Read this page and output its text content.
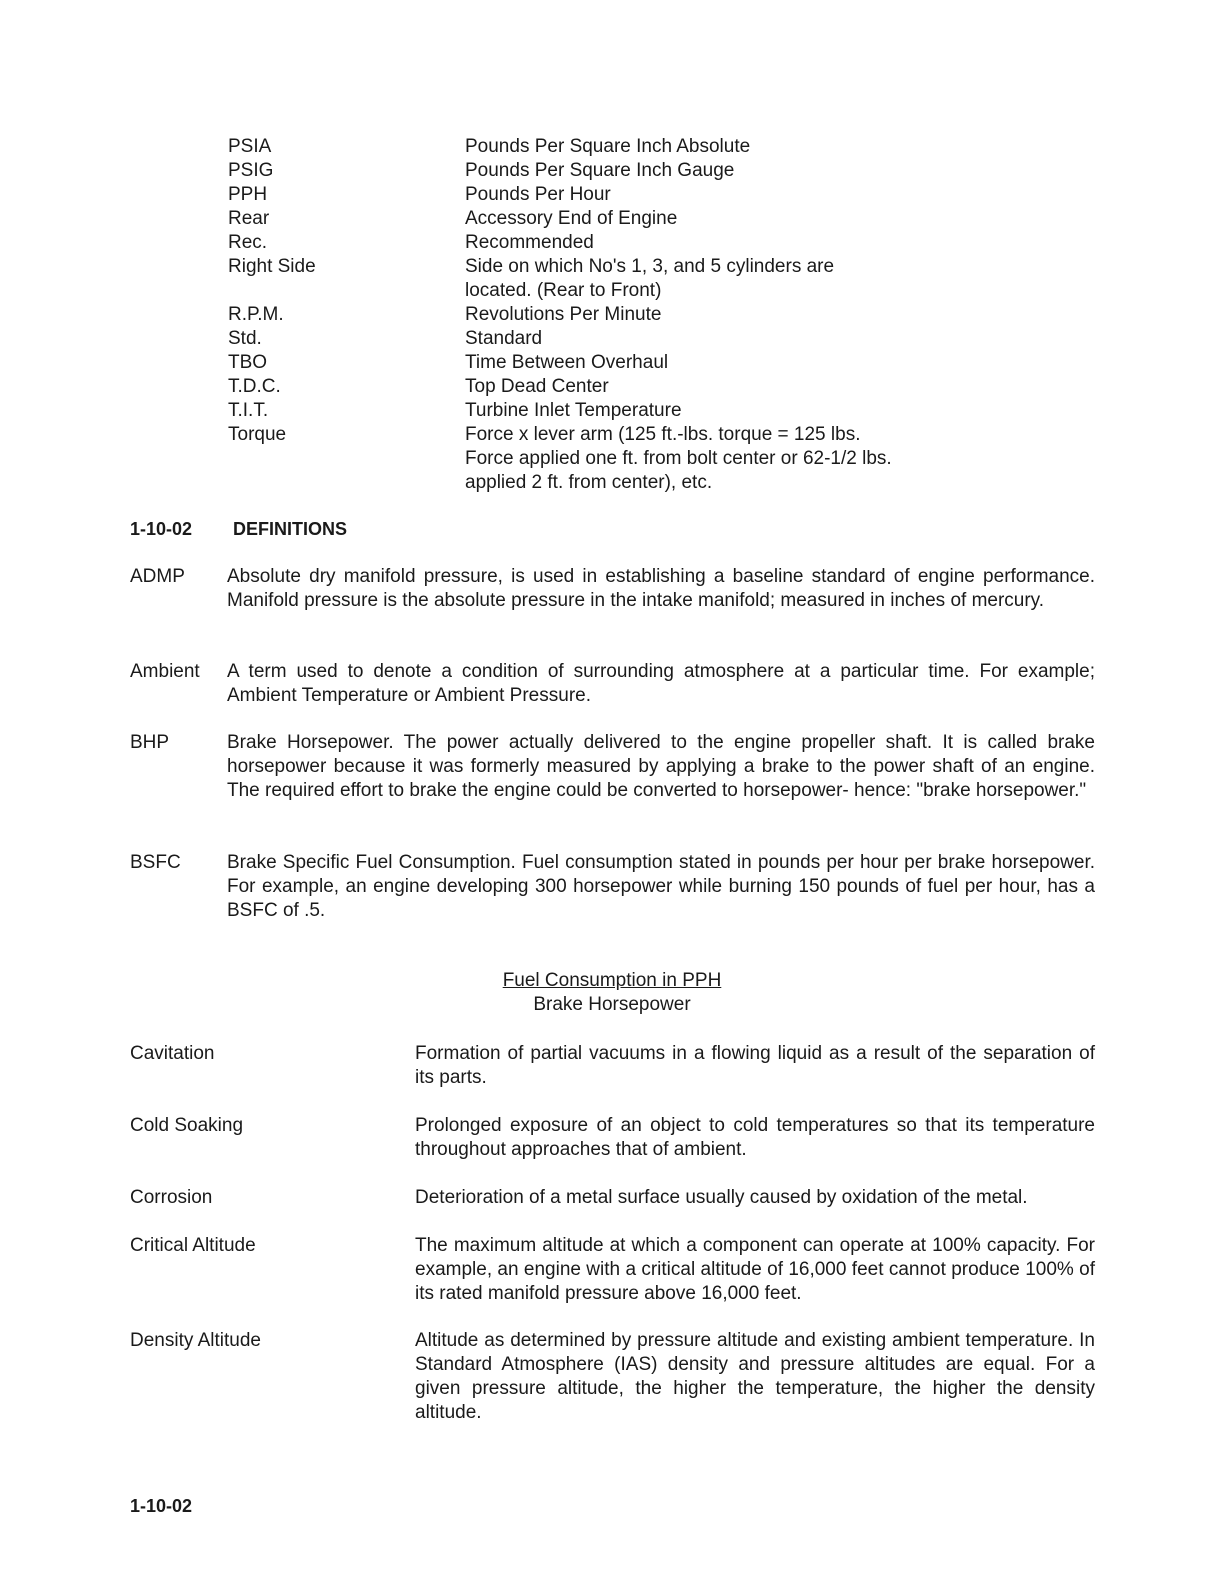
PSIA	Pounds Per Square Inch Absolute
PSIG	Pounds Per Square Inch Gauge
PPH	Pounds Per Hour
Rear	Accessory End of Engine
Rec.	Recommended
Right Side	Side on which No's 1, 3, and 5 cylinders are
located. (Rear to Front)
R.P.M.	Revolutions Per Minute
Std.	Standard
TBO	Time Between Overhaul
T.D.C.	Top Dead Center
T.I.T.	Turbine Inlet Temperature
Torque	Force x lever arm (125 ft.-lbs. torque = 125 lbs.
Force applied one ft. from bolt center or 62-1/2 lbs.
applied 2 ft. from center), etc.
1-10-02 DEFINITIONS
ADMP	Absolute dry manifold pressure, is used in establishing a baseline standard of engine performance. Manifold pressure is the absolute pressure in the intake manifold; measured in inches of mercury.
Ambient	A term used to denote a condition of surrounding atmosphere at a particular time. For example; Ambient Temperature or Ambient Pressure.
BHP	Brake Horsepower. The power actually delivered to the engine propeller shaft. It is called brake horsepower because it was formerly measured by applying a brake to the power shaft of an engine. The required effort to brake the engine could be converted to horsepower- hence: "brake horsepower."
BSFC	Brake Specific Fuel Consumption. Fuel consumption stated in pounds per hour per brake horsepower. For example, an engine developing 300 horsepower while burning 150 pounds of fuel per hour, has a BSFC of .5.
Fuel Consumption in PPH
Brake Horsepower
Cavitation	Formation of partial vacuums in a flowing liquid as a result of the separation of its parts.
Cold Soaking	Prolonged exposure of an object to cold temperatures so that its temperature throughout approaches that of ambient.
Corrosion	Deterioration of a metal surface usually caused by oxidation of the metal.
Critical Altitude	The maximum altitude at which a component can operate at 100% capacity. For example, an engine with a critical altitude of 16,000 feet cannot produce 100% of its rated manifold pressure above 16,000 feet.
Density Altitude	Altitude as determined by pressure altitude and existing ambient temperature. In Standard Atmosphere (IAS) density and pressure altitudes are equal. For a given pressure altitude, the higher the temperature, the higher the density altitude.
1-10-02
